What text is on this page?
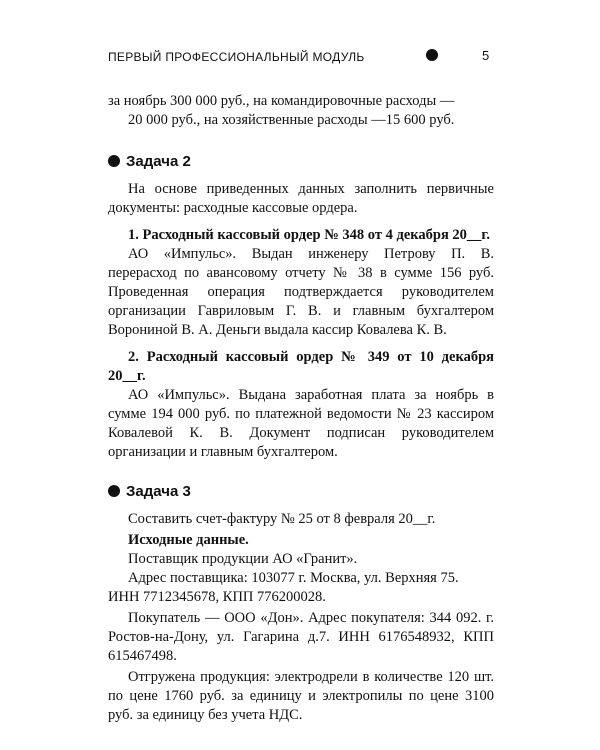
ПЕРВЫЙ ПРОФЕССИОНАЛЬНЫЙ МОДУЛЬ	5

за ноябрь 300 000 руб., на командировочные расходы —

20 000 руб., на хозяйственные расходы —15 600 руб.

Задача 2

На основе приведенных данных заполнить первичные документы: расходные кассовые ордера.

1. Расходный кассовый ордер № 348 от 4 декабря 20__г.

АО «Импульс». Выдан инженеру Петрову П. В. перерасход по авансовому отчету № 38 в сумме 156 руб. Проведенная операция подтверждается руководителем организации Гавриловым Г. В. и главным бухгалтером Ворониной В. А. Деньги выдала кассир Ковалева К. В.

2. Расходный кассовый ордер № 349 от 10 декабря 20__г.

АО «Импульс». Выдана заработная плата за ноябрь в сумме 194 000 руб. по платежной ведомости № 23 кассиром Ковалевой К. В. Документ подписан руководителем организации и главным бухгалтером.

Задача 3

Составить счет-фактуру № 25 от 8 февраля 20__г.

Исходные данные.

Поставщик продукции АО «Гранит».

Адрес поставщика: 103077 г. Москва, ул. Верхняя 75.

ИНН 7712345678, КПП 776200028.

Покупатель — ООО «Дон». Адрес покупателя: 344 092. г. Ростов-на-Дону, ул. Гагарина д.7. ИНН 6176548932, КПП 615467498.

Отгружена продукция: электродрели в количестве 120 шт. по цене 1760 руб. за единицу и электропилы по цене 3100 руб. за единицу без учета НДС.
